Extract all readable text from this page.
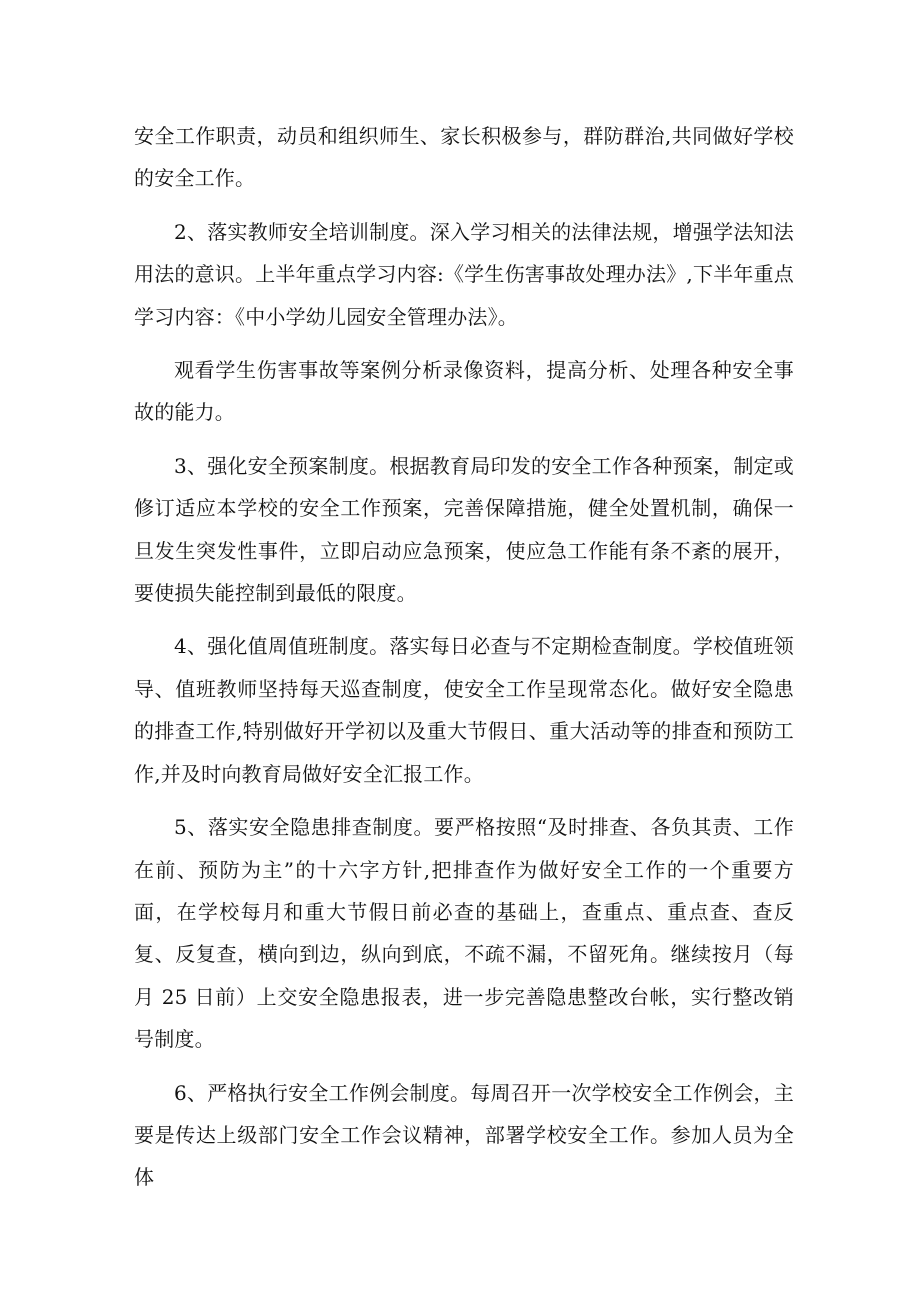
安全工作职责，动员和组织师生、家长积极参与，群防群治,共同做好学校的安全工作。

2、落实教师安全培训制度。深入学习相关的法律法规，增强学法知法用法的意识。上半年重点学习内容:《学生伤害事故处理办法》,下半年重点学习内容：《中小学幼儿园安全管理办法》。

观看学生伤害事故等案例分析录像资料，提高分析、处理各种安全事故的能力。

3、强化安全预案制度。根据教育局印发的安全工作各种预案，制定或修订适应本学校的安全工作预案，完善保障措施，健全处置机制，确保一旦发生突发性事件，立即启动应急预案，使应急工作能有条不紊的展开，要使损失能控制到最低的限度。

4、强化值周值班制度。落实每日必查与不定期检查制度。学校值班领导、值班教师坚持每天巡查制度，使安全工作呈现常态化。做好安全隐患的排查工作,特别做好开学初以及重大节假日、重大活动等的排查和预防工作,并及时向教育局做好安全汇报工作。

5、落实安全隐患排查制度。要严格按照“及时排查、各负其责、工作在前、预防为主”的十六字方针,把排查作为做好安全工作的一个重要方面，在学校每月和重大节假日前必查的基础上，查重点、重点查、查反复、反复查，横向到边，纵向到底，不疏不漏，不留死角。继续按月（每月 25 日前）上交安全隐患报表，进一步完善隐患整改台帐，实行整改销号制度。

6、严格执行安全工作例会制度。每周召开一次学校安全工作例会，主要是传达上级部门安全工作会议精神，部署学校安全工作。参加人员为全体
